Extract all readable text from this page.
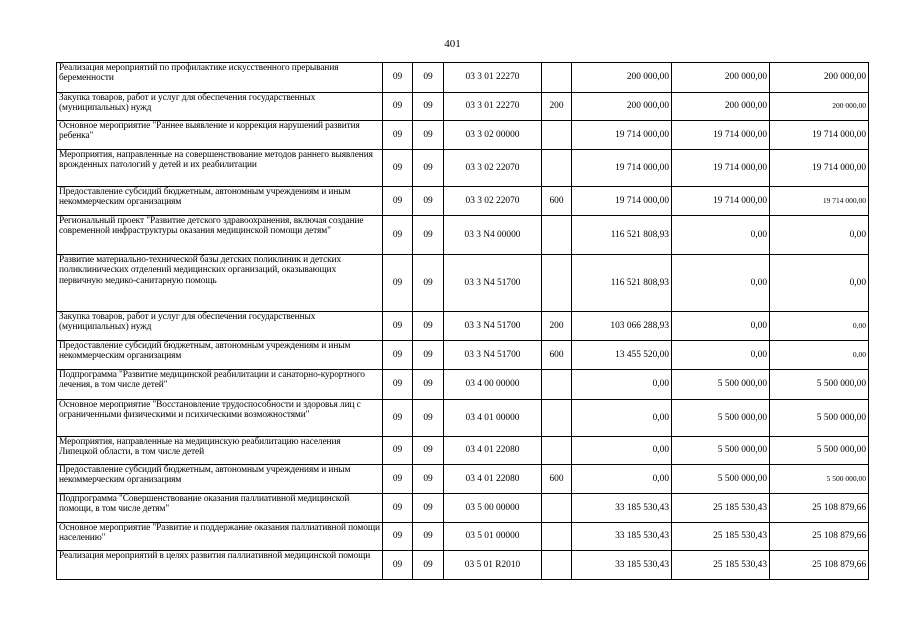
401
Реализация мероприятий по профилактике искусственного прерывания беременности	09	09	03 3 01 22270		200 000,00	200 000,00	200 000,00
Закупка товаров, работ и услуг для обеспечения государственных (муниципальных) нужд	09	09	03 3 01 22270	200	200 000,00	200 000,00	200 000,00
Основное мероприятие "Раннее выявление и коррекция нарушений развития ребенка"	09	09	03 3 02 00000		19 714 000,00	19 714 000,00	19 714 000,00
Мероприятия, направленные на совершенствование методов раннего выявления врожденных патологий у детей и их реабилитации	09	09	03 3 02 22070		19 714 000,00	19 714 000,00	19 714 000,00
Предоставление субсидий бюджетным, автономным учреждениям и иным некоммерческим организациям	09	09	03 3 02 22070	600	19 714 000,00	19 714 000,00	19 714 000,00
Региональный проект "Развитие детского здравоохранения, включая создание современной инфраструктуры оказания медицинской помощи детям"	09	09	03 3 N4 00000		116 521 808,93	0,00	0,00
Развитие материально-технической базы детских поликлиник и детских поликлинических отделений медицинских организаций, оказывающих первичную медико-санитарную помощь	09	09	03 3 N4 51700		116 521 808,93	0,00	0,00
Закупка товаров, работ и услуг для обеспечения государственных (муниципальных) нужд	09	09	03 3 N4 51700	200	103 066 288,93	0,00	0,00
Предоставление субсидий бюджетным, автономным учреждениям и иным некоммерческим организациям	09	09	03 3 N4 51700	600	13 455 520,00	0,00	0,00
Подпрограмма "Развитие медицинской реабилитации и санаторно-курортного лечения, в том числе детей"	09	09	03 4 00 00000		0,00	5 500 000,00	5 500 000,00
Основное мероприятие "Восстановление трудоспособности и здоровья лиц с ограниченными физическими и психическими возможностями"	09	09	03 4 01 00000		0,00	5 500 000,00	5 500 000,00
Мероприятия, направленные на медицинскую реабилитацию населения Липецкой области, в том числе детей	09	09	03 4 01 22080		0,00	5 500 000,00	5 500 000,00
Предоставление субсидий бюджетным, автономным учреждениям и иным некоммерческим организациям	09	09	03 4 01 22080	600	0,00	5 500 000,00	5 500 000,00
Подпрограмма "Совершенствование оказания паллиативной медицинской помощи, в том числе детям"	09	09	03 5 00 00000		33 185 530,43	25 185 530,43	25 108 879,66
Основное мероприятие "Развитие и поддержание оказания паллиативной помощи населению"	09	09	03 5 01 00000		33 185 530,43	25 185 530,43	25 108 879,66
Реализация мероприятий в целях развития паллиативной медицинской помощи	09	09	03 5 01 R2010		33 185 530,43	25 185 530,43	25 108 879,66
